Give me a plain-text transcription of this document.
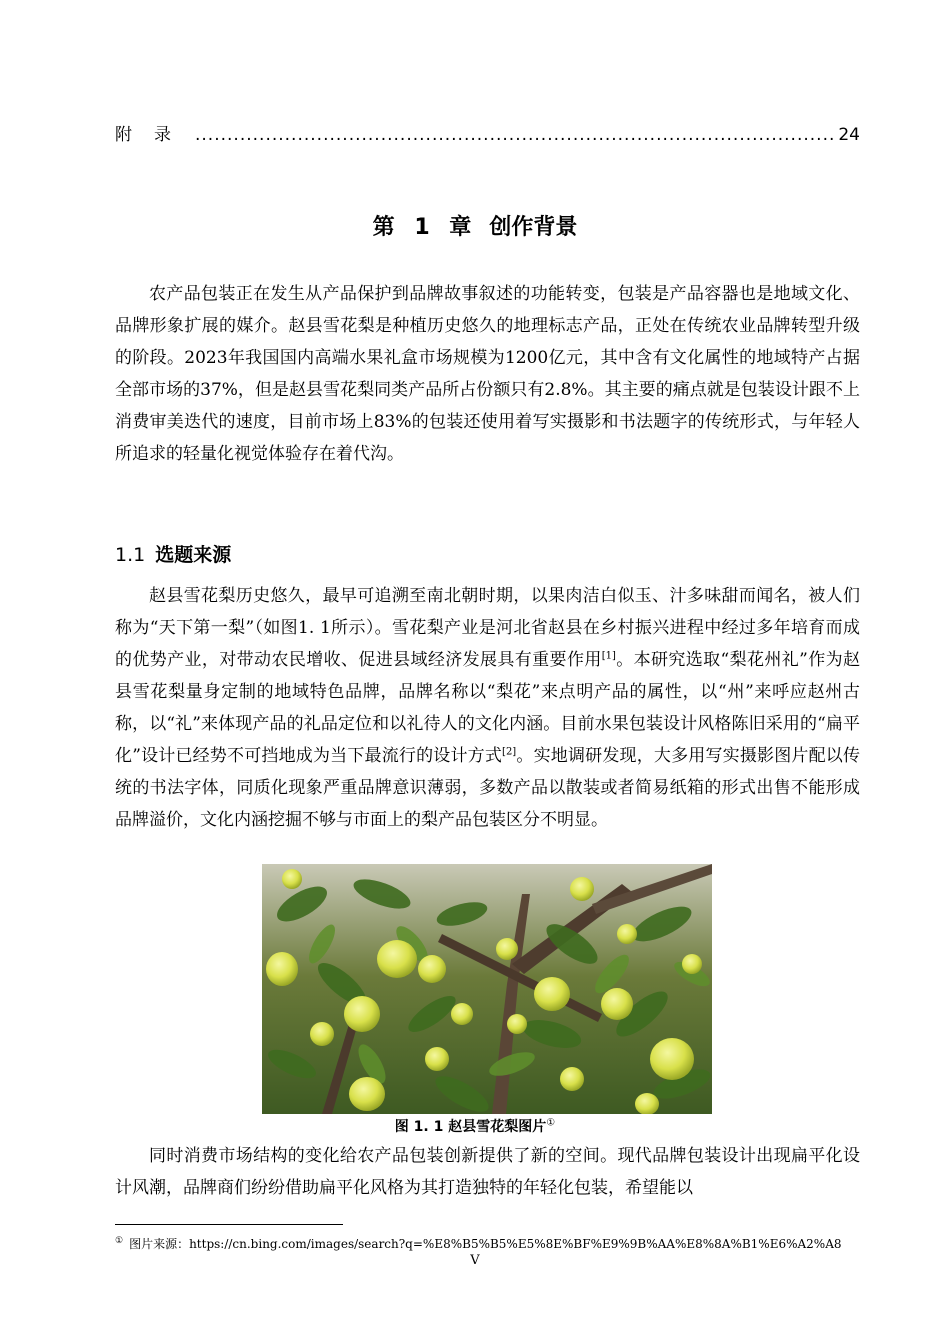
附录
.....	24
第 1 章 创作背景

农产品包装正在发生从产品保护到品牌故事叙述的功能转变，包装是产品容器也是地域文化、品牌形象扩展的媒介。赵县雪花梨是种植历史悠久的地理标志产品，正处在传统农业品牌转型升级的阶段。2023年我国国内高端水果礼盒市场规模为1200亿元，其中含有文化属性的地域特产占据全部市场的37%，但是赵县雪花梨同类产品所占份额只有2.8%。其主要的痛点就是包装设计跟不上消费审美迭代的速度，目前市场上83%的包装还使用着写实摄影和书法题字的传统形式，与年轻人所追求的轻量化视觉体验存在着代沟。

1.1 选题来源

赵县雪花梨历史悠久，最早可追溯至南北朝时期，以果肉洁白似玉、汁多味甜而闻名，被人们称为“天下第一梨”（如图1. 1所示）。雪花梨产业是河北省赵县在乡村振兴进程中经过多年培育而成的优势产业，对带动农民增收、促进县域经济发展具有重要作用[1]。本研究选取“梨花州礼”作为赵县雪花梨量身定制的地域特色品牌，品牌名称以“梨花”来点明产品的属性，以“州”来呼应赵州古称，以“礼”来体现产品的礼品定位和以礼待人的文化内涵。目前水果包装设计风格陈旧采用的“扁平化”设计已经势不可挡地成为当下最流行的设计方式[2]。实地调研发现，大多用写实摄影图片配以传统的书法字体，同质化现象严重品牌意识薄弱，多数产品以散装或者简易纸箱的形式出售不能形成品牌溢价，文化内涵挖掘不够与市面上的梨产品包装区分不明显。

图 1. 1 赵县雪花梨图片①

同时消费市场结构的变化给农产品包装创新提供了新的空间。现代品牌包装设计出现扁平化设计风潮，品牌商们纷纷借助扁平化风格为其打造独特的年轻化包装，希望能以

① 图片来源：https://cn.bing.com/images/search?q=%E8%B5%B5%E5%8E%BF%E9%9B%AA%E8%8A%B1%E6%A2%A8
V
